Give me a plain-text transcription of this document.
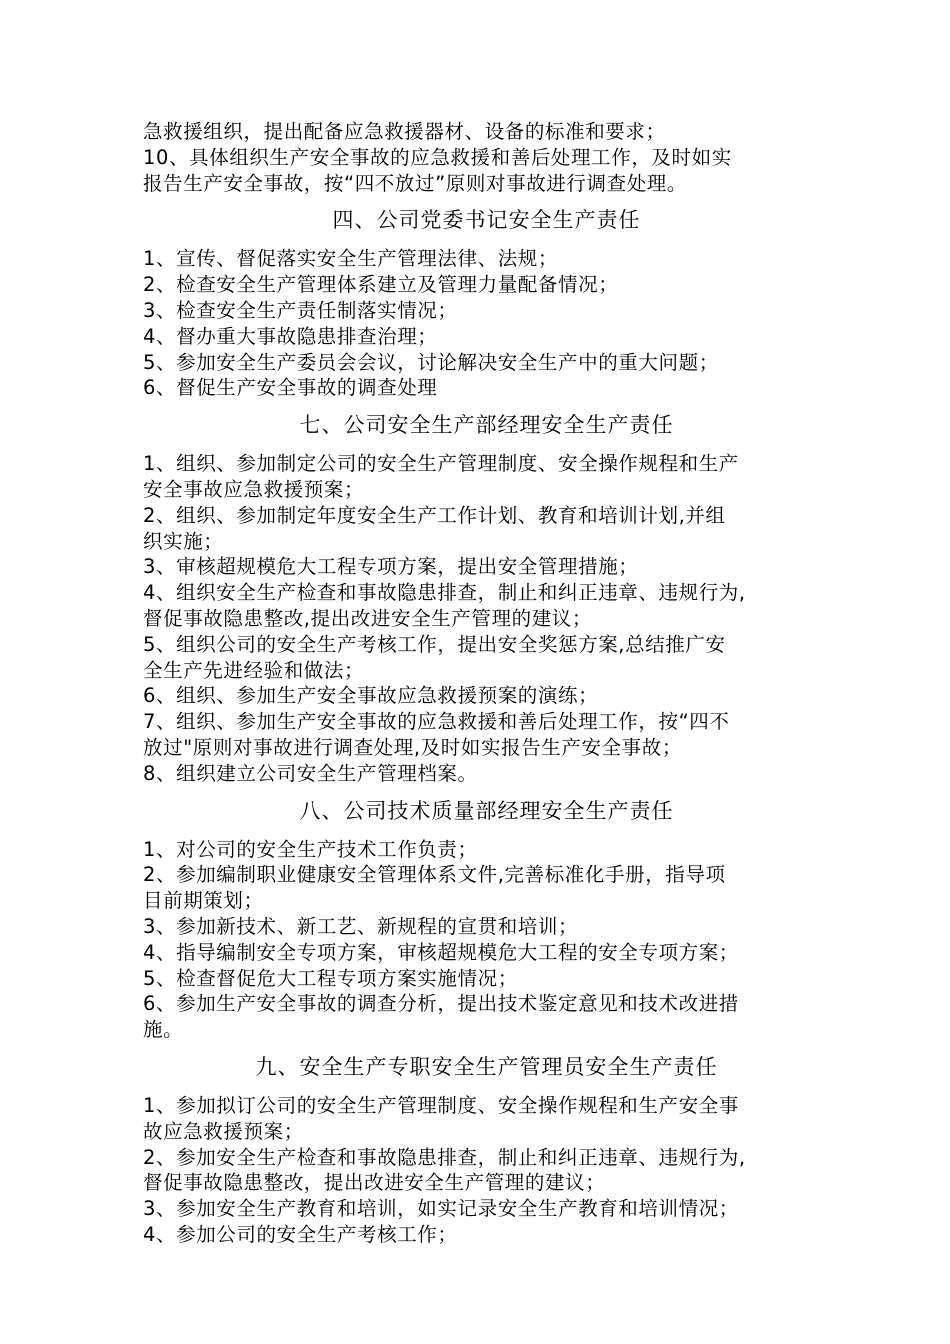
急救援组织，提出配备应急救援器材、设备的标准和要求；
10、具体组织生产安全事故的应急救援和善后处理工作，及时如实
报告生产安全事故，按“四不放过”原则对事故进行调查处理。
四、公司党委书记安全生产责任
1、宣传、督促落实安全生产管理法律、法规；
2、检查安全生产管理体系建立及管理力量配备情况；
3、检查安全生产责任制落实情况；
4、督办重大事故隐患排查治理；
5、参加安全生产委员会会议，讨论解决安全生产中的重大问题；
6、督促生产安全事故的调查处理
七、公司安全生产部经理安全生产责任
1、组织、参加制定公司的安全生产管理制度、安全操作规程和生产
安全事故应急救援预案；
2、组织、参加制定年度安全生产工作计划、教育和培训计划,并组
织实施；
3、审核超规模危大工程专项方案，提出安全管理措施；
4、组织安全生产检查和事故隐患排查，制止和纠正违章、违规行为,
督促事故隐患整改,提出改进安全生产管理的建议；
5、组织公司的安全生产考核工作，提出安全奖惩方案,总结推广安
全生产先进经验和做法；
6、组织、参加生产安全事故应急救援预案的演练；
7、组织、参加生产安全事故的应急救援和善后处理工作，按“四不
放过"原则对事故进行调查处理,及时如实报告生产安全事故；
8、组织建立公司安全生产管理档案。
八、公司技术质量部经理安全生产责任
1、对公司的安全生产技术工作负责；
2、参加编制职业健康安全管理体系文件,完善标准化手册，指导项
目前期策划；
3、参加新技术、新工艺、新规程的宣贯和培训；
4、指导编制安全专项方案，审核超规模危大工程的安全专项方案；
5、检查督促危大工程专项方案实施情况；
6、参加生产安全事故的调查分析，提出技术鉴定意见和技术改进措
施。
九、安全生产专职安全生产管理员安全生产责任
1、参加拟订公司的安全生产管理制度、安全操作规程和生产安全事
故应急救援预案；
2、参加安全生产检查和事故隐患排查，制止和纠正违章、违规行为,
督促事故隐患整改，提出改进安全生产管理的建议；
3、参加安全生产教育和培训，如实记录安全生产教育和培训情况；
4、参加公司的安全生产考核工作；
